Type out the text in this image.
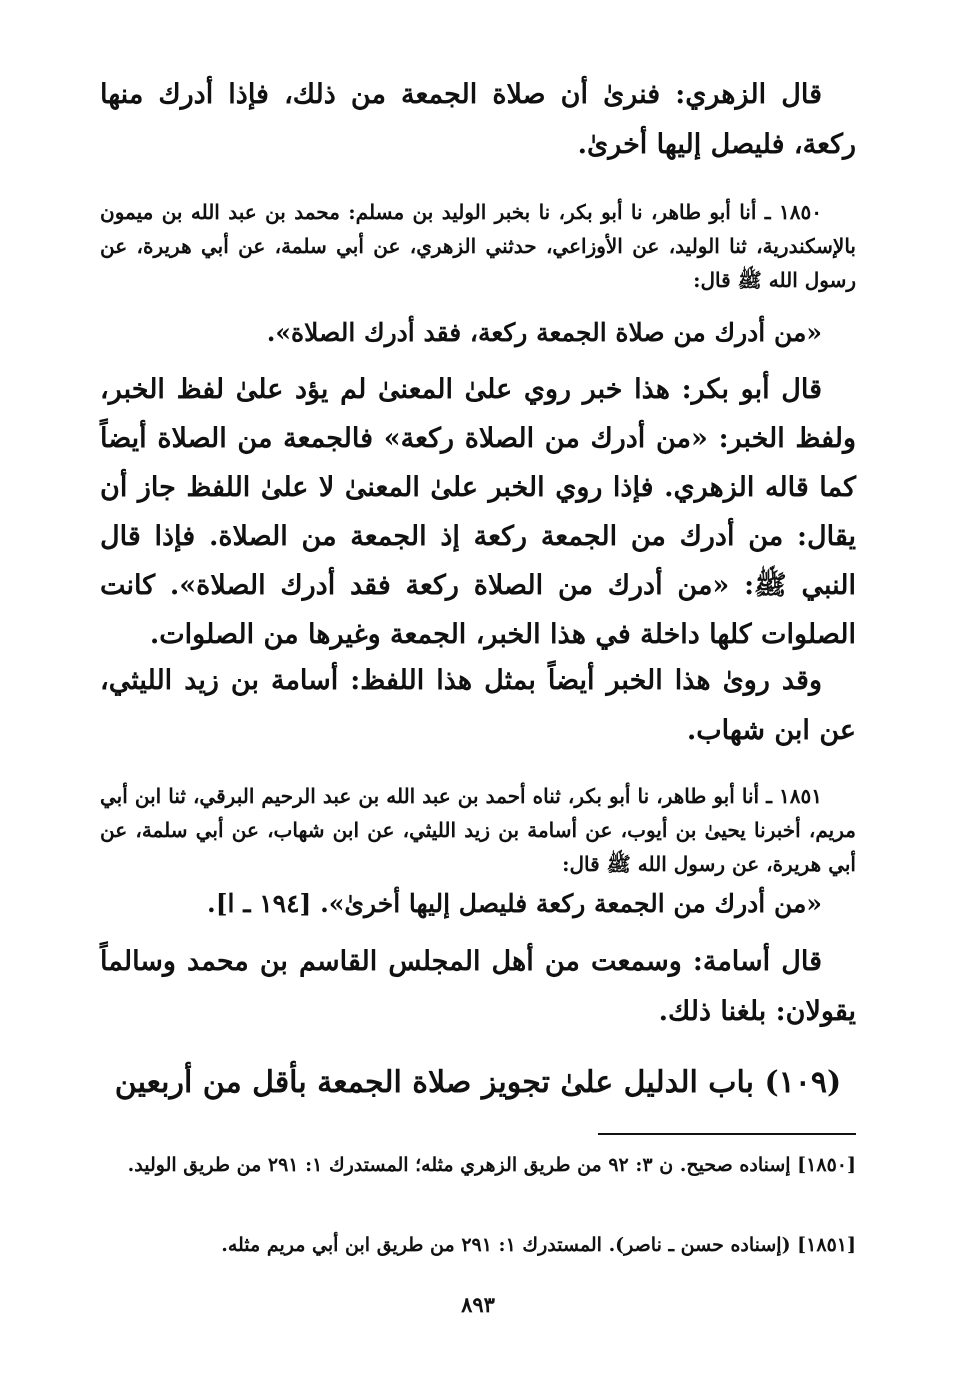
قال الزهري: فنرىٰ أن صلاة الجمعة من ذلك، فإذا أدرك منها ركعة، فليصل إليها أخرىٰ.

١٨٥٠ ـ أنا أبو طاهر، نا أبو بكر، نا بخبر الوليد بن مسلم: محمد بن عبد الله بن ميمون بالإسكندرية، ثنا الوليد، عن الأوزاعي، حدثني الزهري، عن أبي سلمة، عن أبي هريرة، عن رسول الله ﷺ قال:

«من أدرك من صلاة الجمعة ركعة، فقد أدرك الصلاة».

قال أبو بكر: هذا خبر روي علىٰ المعنىٰ لم يؤد علىٰ لفظ الخبر، ولفظ الخبر: «من أدرك من الصلاة ركعة» فالجمعة من الصلاة أيضاً كما قاله الزهري. فإذا روي الخبر علىٰ المعنىٰ لا علىٰ اللفظ جاز أن يقال: من أدرك من الجمعة ركعة إذ الجمعة من الصلاة. فإذا قال النبي ﷺ: «من أدرك من الصلاة ركعة فقد أدرك الصلاة». كانت الصلوات كلها داخلة في هذا الخبر، الجمعة وغيرها من الصلوات.

وقد روىٰ هذا الخبر أيضاً بمثل هذا اللفظ: أسامة بن زيد الليثي، عن ابن شهاب.

١٨٥١ ـ أنا أبو طاهر، نا أبو بكر، ثناه أحمد بن عبد الله بن عبد الرحيم البرقي، ثنا ابن أبي مريم، أخبرنا يحيىٰ بن أيوب، عن أسامة بن زيد الليثي، عن ابن شهاب، عن أبي سلمة، عن أبي هريرة، عن رسول الله ﷺ قال:

«من أدرك من الجمعة ركعة فليصل إليها أخرىٰ». [١٩٤ ـ ا].

قال أسامة: وسمعت من أهل المجلس القاسم بن محمد وسالماً يقولان: بلغنا ذلك.

(١٠٩) باب الدليل علىٰ تجويز صلاة الجمعة بأقل من أربعين

[١٨٥٠] إسناده صحيح. ن ٣: ٩٢ من طريق الزهري مثله؛ المستدرك ١: ٢٩١ من طريق الوليد.

[١٨٥١] (إسناده حسن ـ ناصر). المستدرك ١: ٢٩١ من طريق ابن أبي مريم مثله.

٨٩٣
